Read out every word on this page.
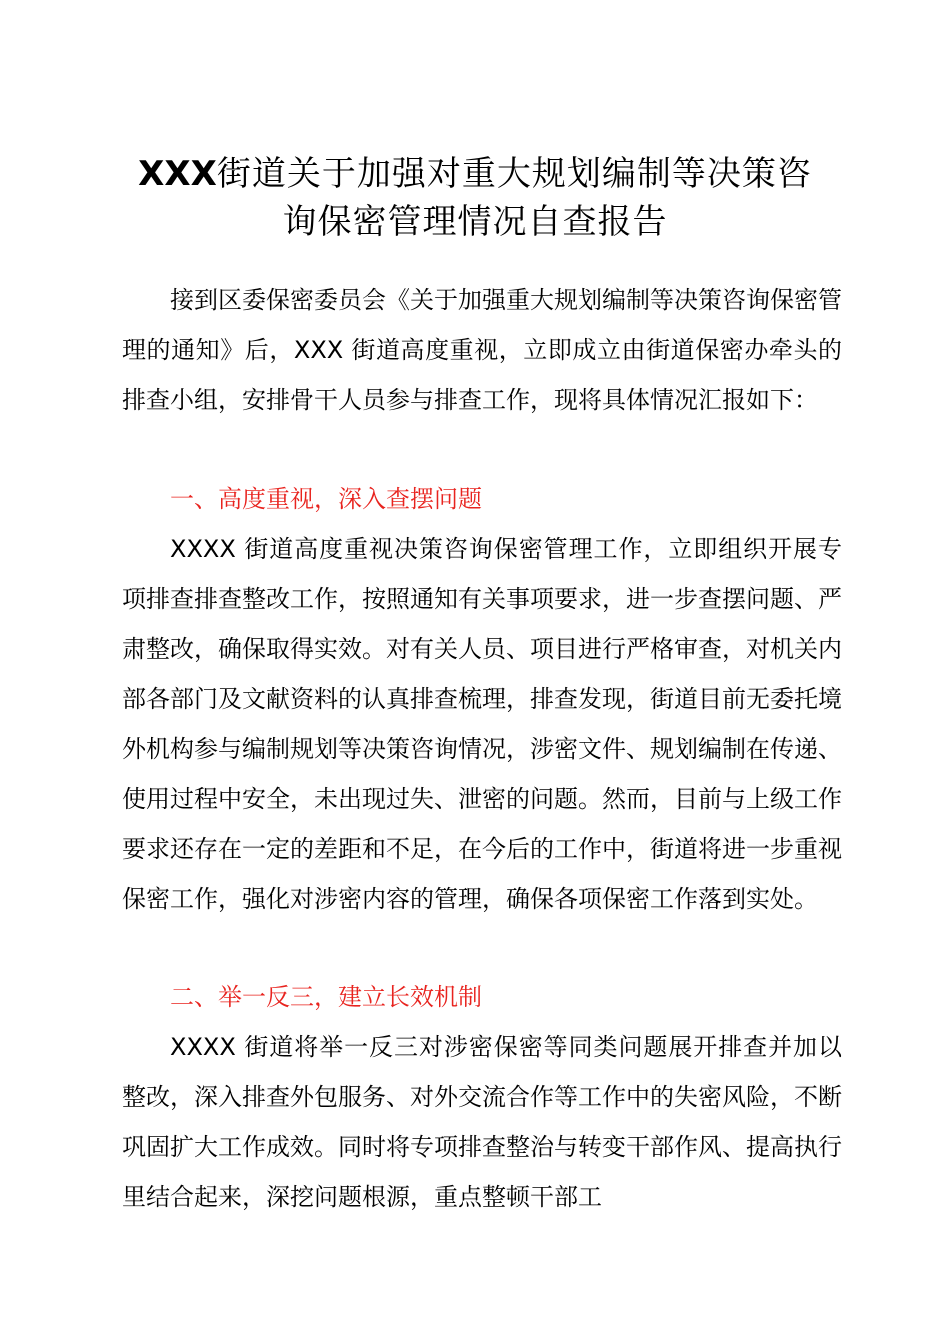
XXX街道关于加强对重大规划编制等决策咨
询保密管理情况自查报告

接到区委保密委员会《关于加强重大规划编制等决策咨询保密管理的通知》后，XXX 街道高度重视，立即成立由街道保密办牵头的排查小组，安排骨干人员参与排查工作，现将具体情况汇报如下：

一、高度重视，深入查摆问题

XXXX 街道高度重视决策咨询保密管理工作，立即组织开展专项排查排查整改工作，按照通知有关事项要求，进一步查摆问题、严肃整改，确保取得实效。对有关人员、项目进行严格审查，对机关内部各部门及文献资料的认真排查梳理，排查发现，街道目前无委托境外机构参与编制规划等决策咨询情况，涉密文件、规划编制在传递、使用过程中安全，未出现过失、泄密的问题。然而，目前与上级工作要求还存在一定的差距和不足，在今后的工作中，街道将进一步重视保密工作，强化对涉密内容的管理，确保各项保密工作落到实处。

二、举一反三，建立长效机制

XXXX 街道将举一反三对涉密保密等同类问题展开排查并加以整改，深入排查外包服务、对外交流合作等工作中的失密风险，不断巩固扩大工作成效。同时将专项排查整治与转变干部作风、提高执行里结合起来，深挖问题根源，重点整顿干部工
